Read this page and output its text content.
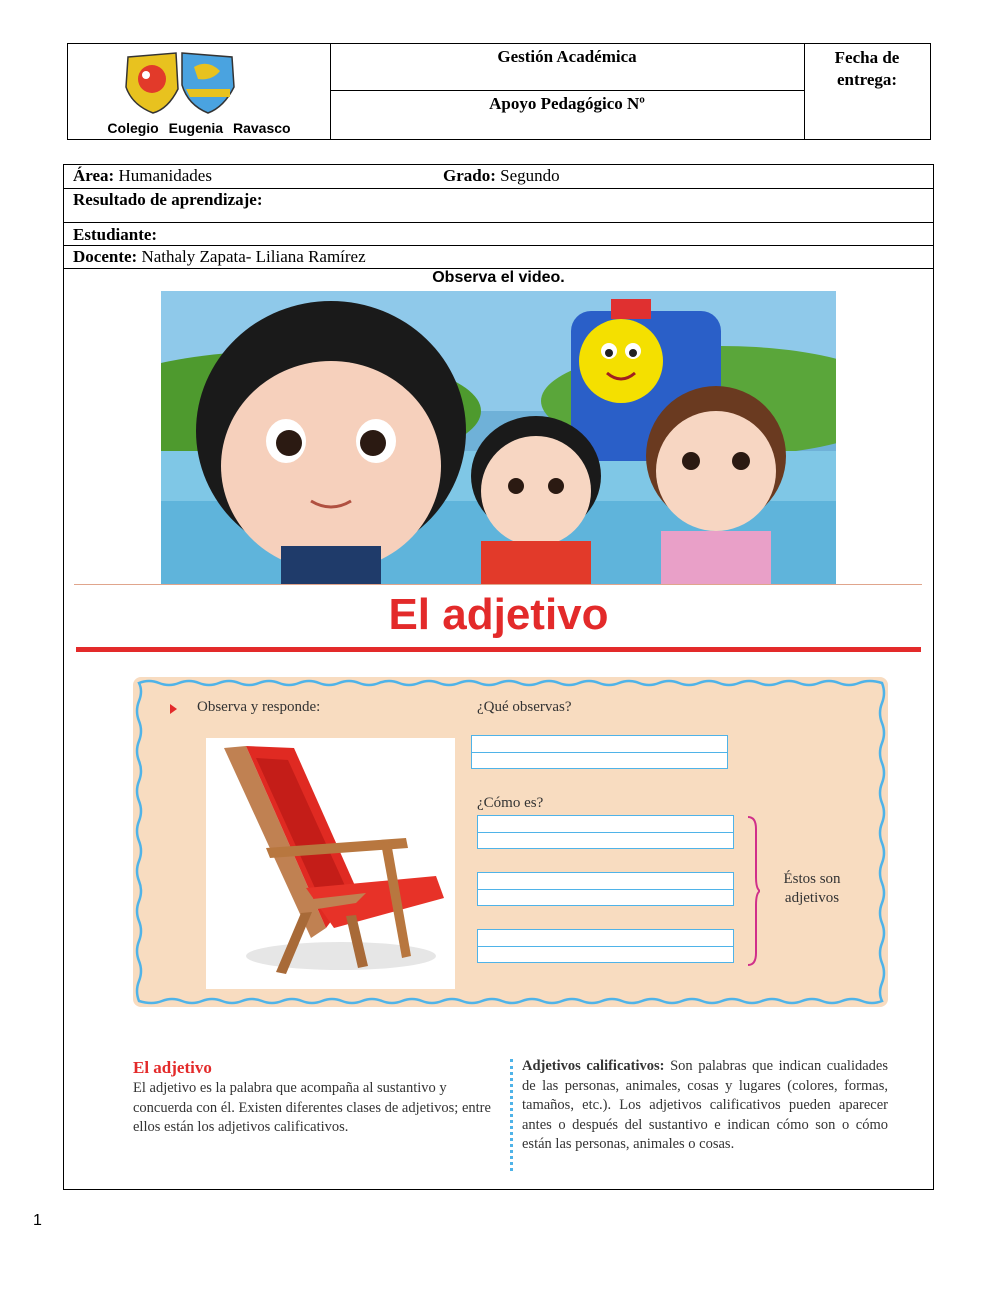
Colegio Eugenia Ravasco
Gestión Académica
Apoyo Pedagógico Nº
Fecha de entrega:
Área: Humanidades	Grado: Segundo
Resultado de aprendizaje:
Estudiante:
Docente: Nathaly Zapata- Liliana Ramírez
Observa el video.
El adjetivo
Observa y responde:	¿Qué observas?
¿Cómo es?
Éstos son adjetivos
El adjetivo
El adjetivo es la palabra que acompaña al sustantivo y concuerda con él. Existen diferentes clases de adjetivos; entre ellos están los adjetivos calificativos.
Adjetivos calificativos: Son palabras que indican cualidades de las personas, animales, cosas y lugares (colores, formas, tamaños, etc.). Los adjetivos calificativos pueden aparecer antes o después del sustantivo e indican cómo son o cómo están las personas, animales o cosas.
1
